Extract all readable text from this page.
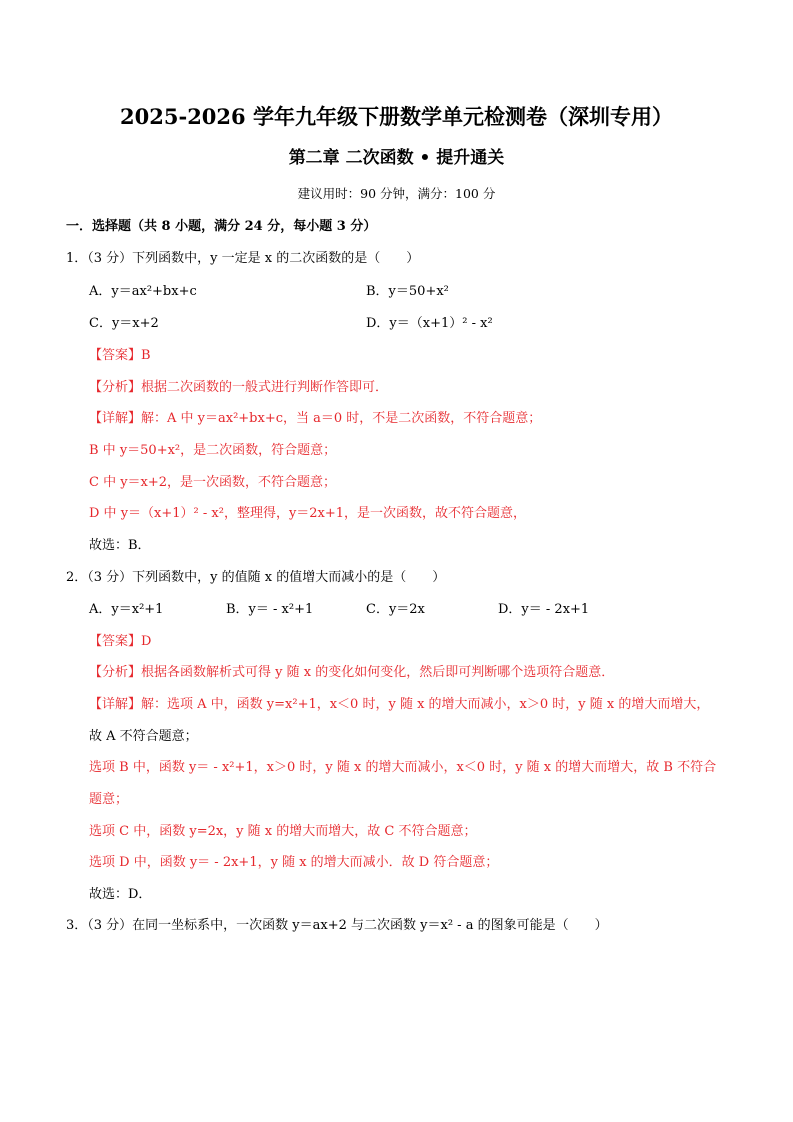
2025-2026 学年九年级下册数学单元检测卷（深圳专用）
第二章 二次函数 • 提升通关
建议用时：90 分钟，满分：100 分
一．选择题（共 8 小题，满分 24 分，每小题 3 分）
1．（3 分）下列函数中，y 一定是 x 的二次函数的是（　　）
A．y＝ax²+bx+c	B．y＝50+x²
C．y＝x+2	D．y＝（x+1）² ‐ x²
【答案】B
【分析】根据二次函数的一般式进行判断作答即可．
【详解】解：A 中 y＝ax²+bx+c，当 a＝0 时，不是二次函数，不符合题意；
B 中 y＝50+x²，是二次函数，符合题意；
C 中 y＝x+2，是一次函数，不符合题意；
D 中 y＝（x+1）² ‐ x²，整理得，y＝2x+1，是一次函数，故不符合题意，
故选：B．
2．（3 分）下列函数中，y 的值随 x 的值增大而减小的是（　　）
A．y＝x²+1	B．y＝ ‐ x²+1	C．y＝2x	D．y＝ ‐ 2x+1
【答案】D
【分析】根据各函数解析式可得 y 随 x 的变化如何变化，然后即可判断哪个选项符合题意．
【详解】解：选项 A 中，函数 y=x²+1，x＜0 时，y 随 x 的增大而减小，x＞0 时，y 随 x 的增大而增大，
故 A 不符合题意；
选项 B 中，函数 y＝ ‐ x²+1，x＞0 时，y 随 x 的增大而减小，x＜0 时，y 随 x 的增大而增大，故 B 不符合
题意；
选项 C 中，函数 y=2x，y 随 x 的增大而增大，故 C 不符合题意；
选项 D 中，函数 y＝ ‐ 2x+1，y 随 x 的增大而减小．故 D 符合题意；
故选：D．
3．（3 分）在同一坐标系中，一次函数 y＝ax+2 与二次函数 y＝x² ‐ a 的图象可能是（　　）
